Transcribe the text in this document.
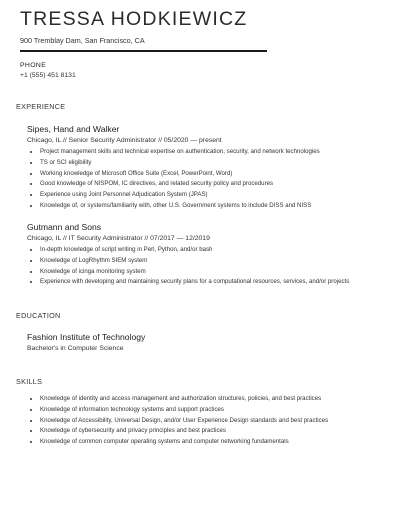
TRESSA HODKIEWICZ
900 Tremblay Dam, San Francisco, CA
PHONE
+1 (555) 451 8131
EXPERIENCE
Sipes, Hand and Walker
Chicago, IL // Senior Security Administrator // 05/2020 — present
• Project management skills and technical expertise on authentication, security, and network technologies
• TS or SCI eligibility
• Working knowledge of Microsoft Office Suite (Excel, PowerPoint, Word)
• Good knowledge of NISPOM, IC directives, and related security policy and procedures
• Experience using Joint Personnel Adjudication System (JPAS)
• Knowledge of, or systems/familiarity with, other U.S. Government systems to include DISS and NISS
Gutmann and Sons
Chicago, IL // IT Security Administrator // 07/2017 — 12/2019
• In-depth knowledge of script writing in Perl, Python, and/or bash
• Knowledge of LogRhythm SIEM system
• Knowledge of icinga monitoring system
• Experience with developing and maintaining security plans for a computational resources, services, and/or projects
EDUCATION
Fashion Institute of Technology
Bachelor's in Computer Science
SKILLS
• Knowledge of identity and access management and authorization structures, policies, and best practices
• Knowledge of information technology systems and support practices
• Knowledge of Accessibility, Universal Design, and/or User Experience Design standards and best practices
• Knowledge of cybersecurity and privacy principles and best practices
• Knowledge of common computer operating systems and computer networking fundamentals
